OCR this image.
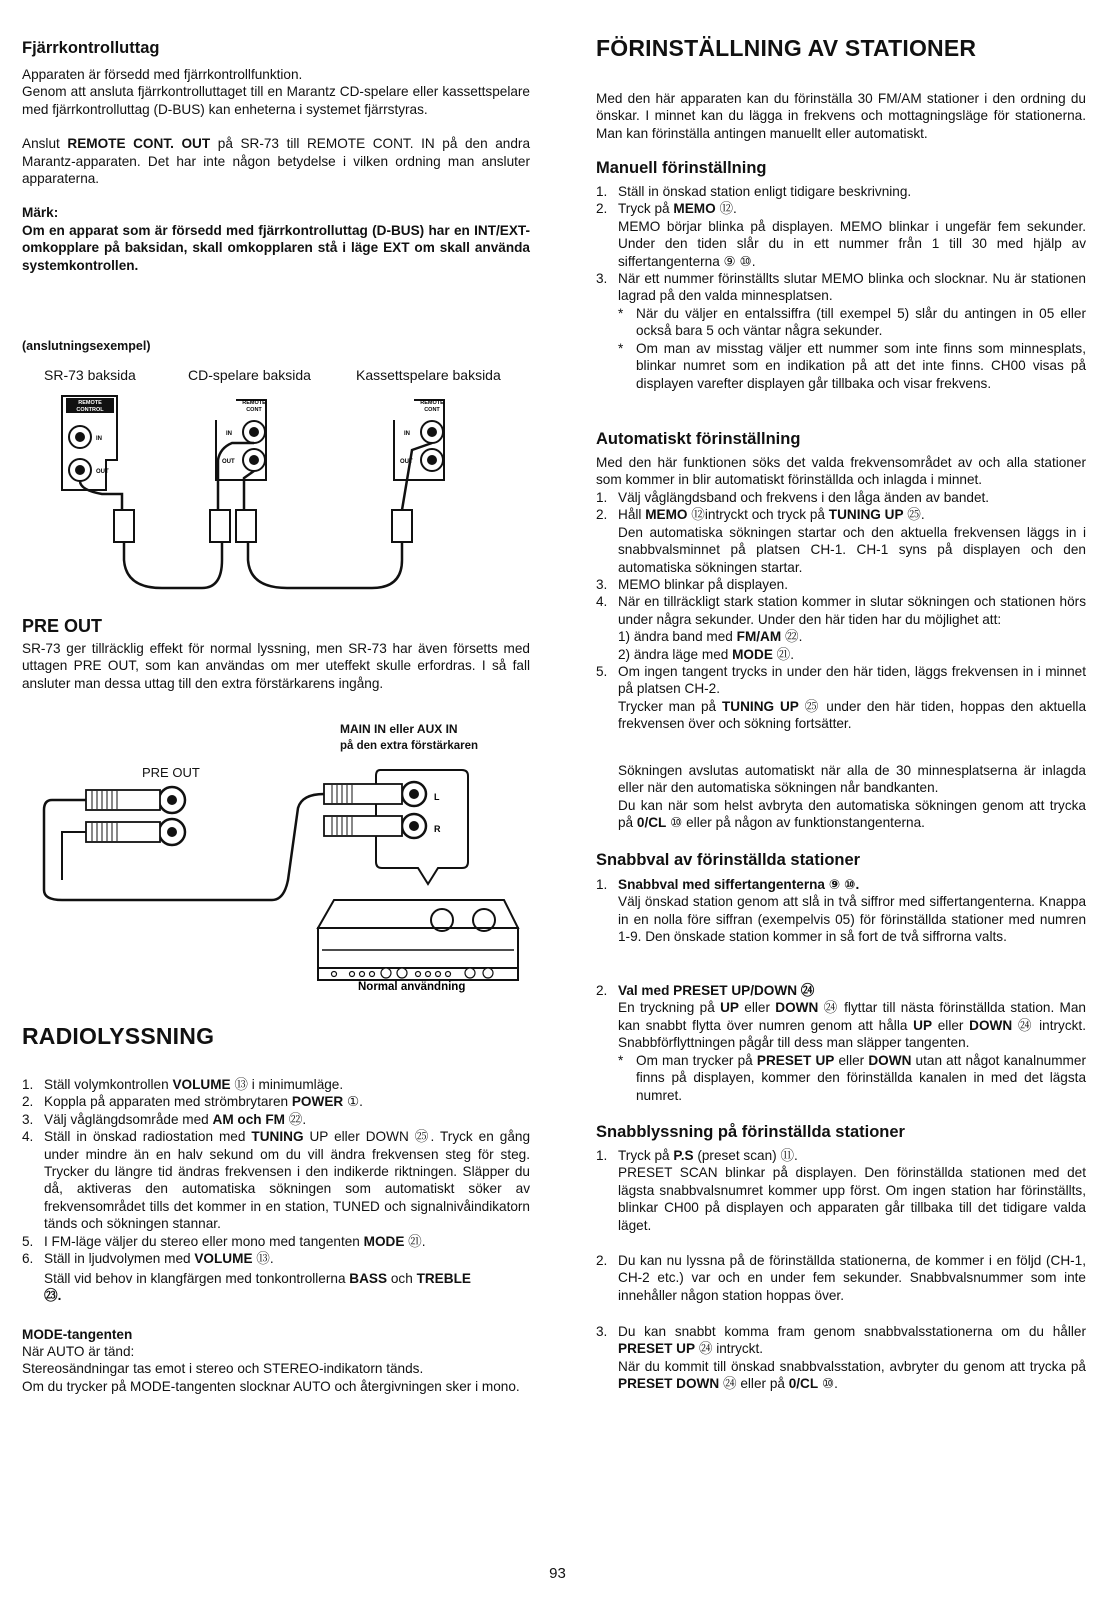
Fjärrkontrolluttag

Apparaten är försedd med fjärrkontrollfunktion.

Genom att ansluta fjärrkontrolluttaget till en Marantz CD-spelare eller kassettspelare med fjärrkontrolluttag (D-BUS) kan enheterna i systemet fjärrstyras.

Anslut REMOTE CONT. OUT på SR-73 till REMOTE CONT. IN på den andra Marantz-apparaten. Det har inte någon betydelse i vilken ordning man ansluter apparaterna.

Märk:

Om en apparat som är försedd med fjärrkontrolluttag (D-BUS) har en INT/EXT-omkopplare på baksidan, skall omkopplaren stå i läge EXT om skall använda systemkontrollen.

(anslutningsexempel)
SR-73 baksida	CD-spelare baksida	Kassettspelare baksida
REMOTE
CONTROL
IN
OUT
REMOTE
CONT
IN
OUT
REMOTE
CONT
IN
OUT
PRE OUT
SR-73 ger tillräcklig effekt för normal lyssning, men SR-73 har även försetts med uttagen PRE OUT, som kan användas om mer uteffekt skulle erfordras. I så fall ansluter man dessa uttag till den extra förstärkarens ingång.
MAIN IN eller AUX IN
på den extra förstärkaren
PRE OUT
L
R
Normal användning
RADIOLYSSNING
1. Ställ volymkontrollen VOLUME ⑬ i minimumläge.
2. Koppla på apparaten med strömbrytaren POWER ①.
3. Välj våglängdsområde med AM och FM ㉒.
4. Ställ in önskad radiostation med TUNING UP eller DOWN ㉕. Tryck en gång under mindre än en halv sekund om du vill ändra frekvensen steg för steg. Trycker du längre tid ändras frekvensen i den indikerde riktningen. Släpper du då, aktiveras den automatiska sökningen som automatiskt söker av frekvensområdet tills det kommer in en station, TUNED och signalnivåindikatorn tänds och sökningen stannar.
5. I FM-läge väljer du stereo eller mono med tangenten MODE ㉑.
6. Ställ in ljudvolymen med VOLUME ⑬.
Ställ vid behov in klangfärgen med tonkontrollerna BASS och TREBLE
㉓.
MODE-tangenten

När AUTO är tänd:

Stereosändningar tas emot i stereo och STEREO-indikatorn tänds.

Om du trycker på MODE-tangenten slocknar AUTO och återgivningen sker i mono.

FÖRINSTÄLLNING AV STATIONER
Med den här apparaten kan du förinställa 30 FM/AM stationer i den ordning du önskar. I minnet kan du lägga in frekvens och mottagningsläge för stationerna. Man kan förinställa antingen manuellt eller automatiskt.
Manuell förinställning
1. Ställ in önskad station enligt tidigare beskrivning.
2. Tryck på MEMO ⑫.
MEMO börjar blinka på displayen. MEMO blinkar i ungefär fem sekunder. Under den tiden slår du in ett nummer från 1 till 30 med hjälp av siffertangenterna ⑨ ⑩.
3. När ett nummer förinställts slutar MEMO blinka och slocknar. Nu är stationen lagrad på den valda minnesplatsen.
* När du väljer en entalssiffra (till exempel 5) slår du antingen in 05 eller också bara 5 och väntar några sekunder.
* Om man av misstag väljer ett nummer som inte finns som minnesplats, blinkar numret som en indikation på att det inte finns. CH00 visas på displayen varefter displayen går tillbaka och visar frekvens.
Automatiskt förinställning
Med den här funktionen söks det valda frekvensområdet av och alla stationer som kommer in blir automatiskt förinställda och inlagda i minnet.
1. Välj våglängdsband och frekvens i den låga änden av bandet.
2. Håll MEMO ⑫intryckt och tryck på TUNING UP ㉕.
Den automatiska sökningen startar och den aktuella frekvensen läggs in i snabbvalsminnet på platsen CH-1. CH-1 syns på displayen och den automatiska sökningen startar.
3. MEMO blinkar på displayen.
4. När en tillräckligt stark station kommer in slutar sökningen och stationen hörs under några sekunder. Under den här tiden har du möjlighet att:
1) ändra band med FM/AM ㉒.
2) ändra läge med MODE ㉑.
5. Om ingen tangent trycks in under den här tiden, läggs frekvensen in i minnet på platsen CH-2.
Trycker man på TUNING UP ㉕ under den här tiden, hoppas den aktuella frekvensen över och sökning fortsätter.

Sökningen avslutas automatiskt när alla de 30 minnesplatserna är inlagda eller när den automatiska sökningen når bandkanten.

Du kan när som helst avbryta den automatiska sökningen genom att trycka på 0/CL ⑩ eller på någon av funktionstangenterna.

Snabbval av förinställda stationer
1. Snabbval med siffertangenterna ⑨ ⑩.
Välj önskad station genom att slå in två siffror med siffertangenterna. Knappa in en nolla före siffran (exempelvis 05) för förinställda stationer med numren 1-9. Den önskade station kommer in så fort de två siffrorna valts.
2. Val med PRESET UP/DOWN ㉔
En tryckning på UP eller DOWN ㉔ flyttar till nästa förinställda station. Man kan snabbt flytta över numren genom att hålla UP eller DOWN ㉔ intryckt. Snabbförflyttningen pågår till dess man släpper tangenten.
* Om man trycker på PRESET UP eller DOWN utan att något kanalnummer finns på displayen, kommer den förinställda kanalen in med det lägsta numret.
Snabblyssning på förinställda stationer
1. Tryck på P.S (preset scan) ⑪.
PRESET SCAN blinkar på displayen. Den förinställda stationen med det lägsta snabbvalsnumret kommer upp först. Om ingen station har förinställts, blinkar CH00 på displayen och apparaten går tillbaka till det tidigare valda läget.
2. Du kan nu lyssna på de förinställda stationerna, de kommer i en följd (CH-1, CH-2 etc.) var och en under fem sekunder. Snabbvalsnummer som inte innehåller någon station hoppas över.
3. Du kan snabbt komma fram genom snabbvalsstationerna om du håller PRESET UP ㉔ intryckt.
När du kommit till önskad snabbvalsstation, avbryter du genom att trycka på PRESET DOWN ㉔ eller på 0/CL ⑩.
93
